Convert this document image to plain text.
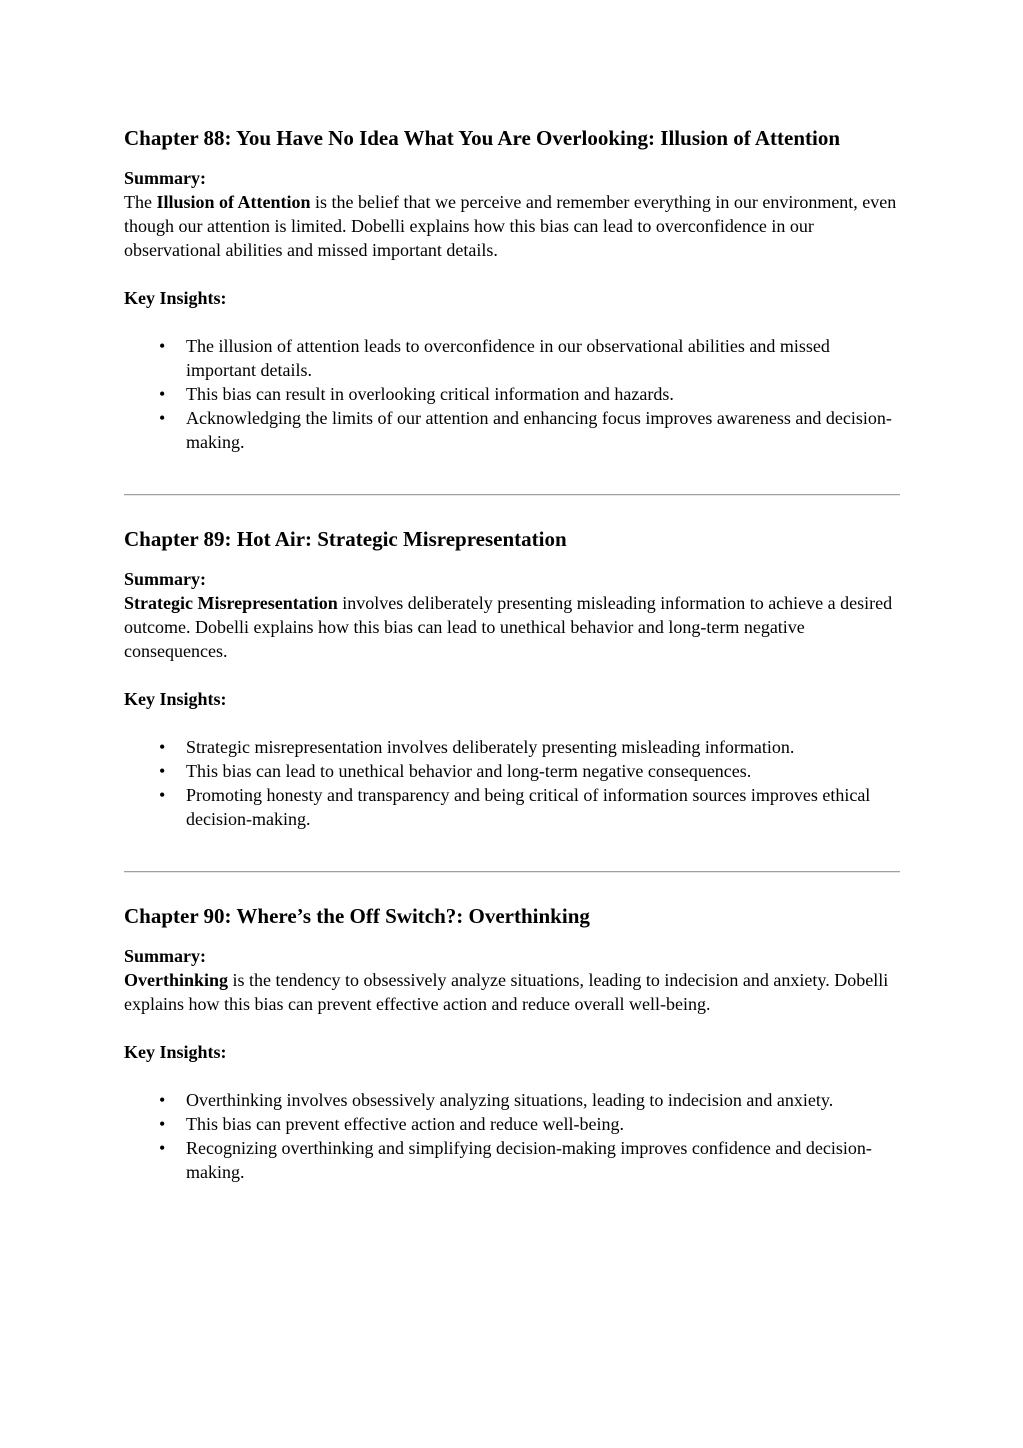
Chapter 88: You Have No Idea What You Are Overlooking: Illusion of Attention
Summary:

The Illusion of Attention is the belief that we perceive and remember everything in our environment, even though our attention is limited. Dobelli explains how this bias can lead to overconfidence in our observational abilities and missed important details.

Key Insights:
• The illusion of attention leads to overconfidence in our observational abilities and missed important details.
• This bias can result in overlooking critical information and hazards.
• Acknowledging the limits of our attention and enhancing focus improves awareness and decision-making.
Chapter 89: Hot Air: Strategic Misrepresentation
Summary:

Strategic Misrepresentation involves deliberately presenting misleading information to achieve a desired outcome. Dobelli explains how this bias can lead to unethical behavior and long-term negative consequences.

Key Insights:
• Strategic misrepresentation involves deliberately presenting misleading information.
• This bias can lead to unethical behavior and long-term negative consequences.
• Promoting honesty and transparency and being critical of information sources improves ethical decision-making.
Chapter 90: Where’s the Off Switch?: Overthinking
Summary:

Overthinking is the tendency to obsessively analyze situations, leading to indecision and anxiety. Dobelli explains how this bias can prevent effective action and reduce overall well-being.

Key Insights:
• Overthinking involves obsessively analyzing situations, leading to indecision and anxiety.
• This bias can prevent effective action and reduce well-being.
• Recognizing overthinking and simplifying decision-making improves confidence and decision-making.
